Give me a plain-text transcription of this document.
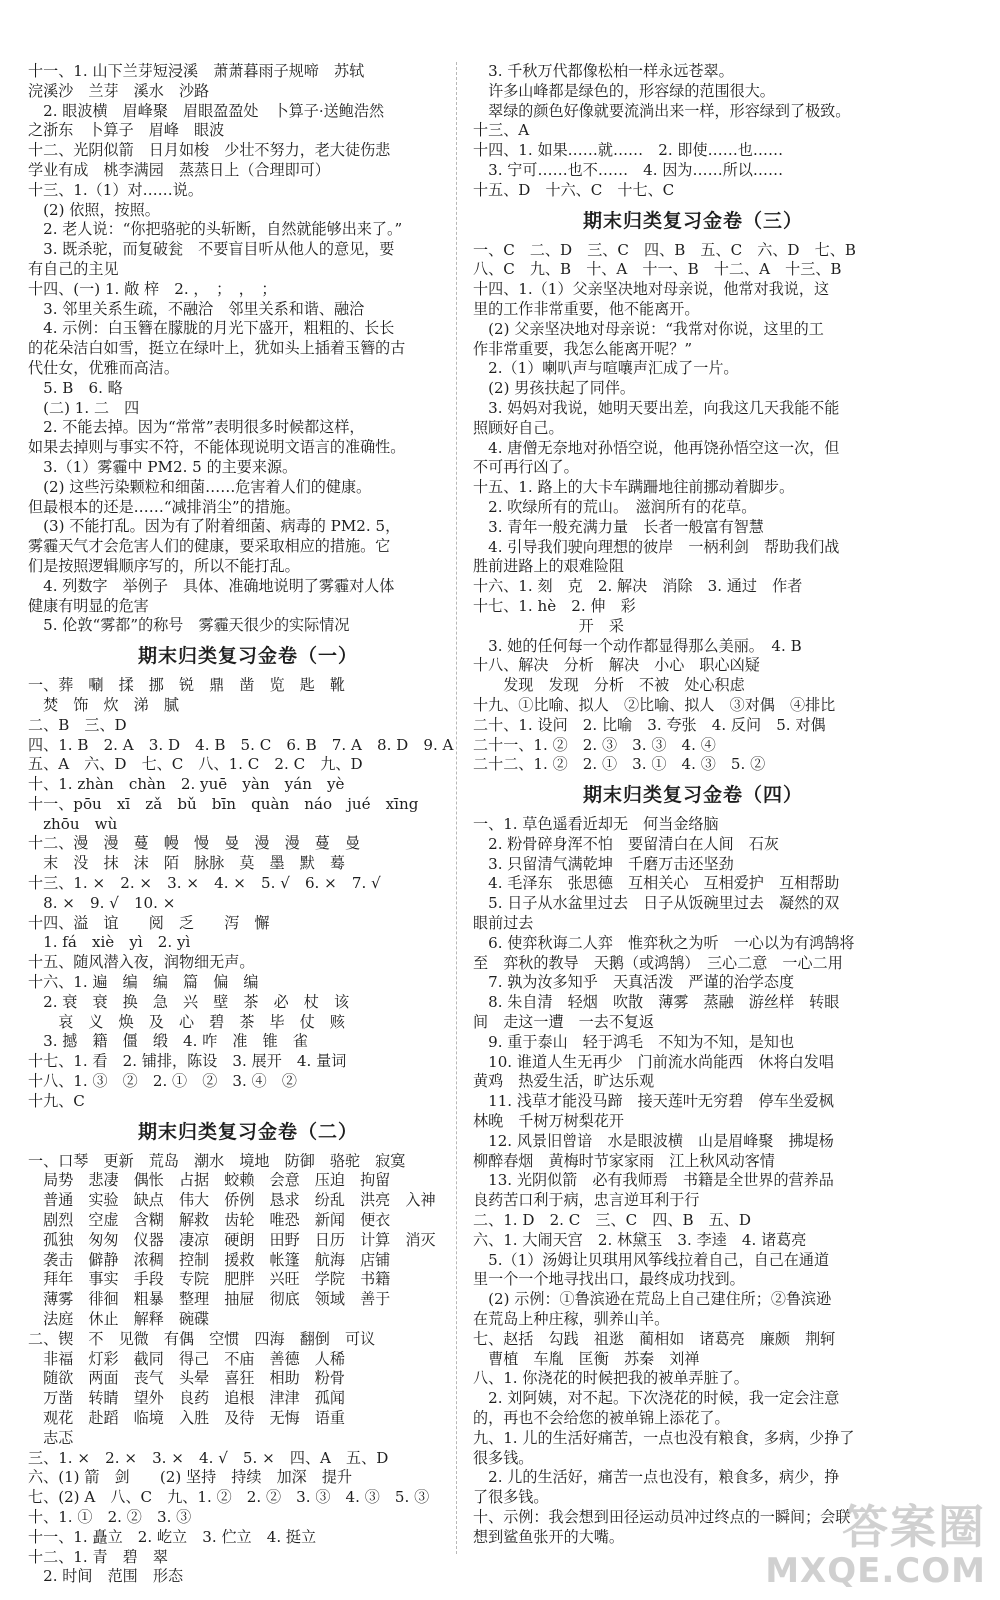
十一、1. 山下兰芽短浸溪　萧萧暮雨子规啼　苏轼
浣溪沙　兰芽　溪水　沙路
　2. 眼波横　眉峰聚　眉眼盈盈处　卜算子·送鲍浩然
之浙东　卜算子　眉峰　眼波
十二、光阴似箭　日月如梭　少壮不努力，老大徒伤悲
学业有成　桃李满园　蒸蒸日上（合理即可）
十三、1.（1）对……说。
　(2) 依照，按照。
　2. 老人说：“你把骆驼的头斩断，自然就能够出来了。”
　3. 既杀驼，而复破瓮　不要盲目听从他人的意见，要
有自己的主见
十四、(一) 1. 敞 梓　2. ，　；　，　；
　3. 邻里关系生疏，不融洽　邻里关系和谐、融洽
　4. 示例：白玉簪在朦胧的月光下盛开，粗粗的、长长
的花朵洁白如雪，挺立在绿叶上，犹如头上插着玉簪的古
代仕女，优雅而高洁。
　5. B　6. 略
　(二) 1. 二　四
　2. 不能去掉。因为“常常”表明很多时候都这样，
如果去掉则与事实不符，不能体现说明文语言的准确性。
　3.（1）雾霾中 PM2. 5 的主要来源。
　(2) 这些污染颗粒和细菌……危害着人们的健康。
但最根本的还是……“减排消尘”的措施。
　(3) 不能打乱。因为有了附着细菌、病毒的 PM2. 5，
雾霾天气才会危害人们的健康，要采取相应的措施。它
们是按照逻辑顺序写的，所以不能打乱。
　4. 列数字　举例子　具体、准确地说明了雾霾对人体
健康有明显的危害
　5. 伦敦“雾都”的称号　雾霾天很少的实际情况
期末归类复习金卷（一）
一、葬　唰　揉　挪　锐　鼎　凿　览　匙　靴
　焚　饰　炊　涕　腻
二、B　三、D
四、1. B　2. A　3. D　4. B　5. C　6. B　7. A　8. D　9. A
五、A　六、D　七、C　八、1. C　2. C　九、D
十、1. zhàn　chàn　2. yuē　yàn　yán　yè
十一、pōu　xī　zǎ　bǔ　bīn　quàn　náo　jué　xīng
　zhōu　wù
十二、漫　漫　蔓　幔　慢　曼　漫　漫　蔓　曼
　末　没　抹　沫　陌　脉脉　莫　墨　默　蓦
十三、1. ×　2. ×　3. ×　4. ×　5. √　6. ×　7. √
　8. ×　9. √　10. ×
十四、溢　谊　　阅　乏　　泻　懈
　1. fá　xiè　yì　2. yì
十五、随风潜入夜，润物细无声。
十六、1. 遍　编　编　篇　偏　编
　2. 衰　衰　换　急　兴　壁　茶　必　杖　该
　　哀　义　焕　及　心　碧　茶　毕　仗　赅
　3. 撼　籍　僵　缎　4. 咋　准　锥　雀
十七、1. 看　2. 铺排，陈设　3. 展开　4. 量词
十八、1. ③　②　2. ①　②　3. ④　②
十九、C
期末归类复习金卷（二）
一、口琴　更新　荒岛　潮水　境地　防御　骆驼　寂寞
　局势　悲凄　偶怅　占据　蛟赖　会意　压迫　拘留
　普通　实验　缺点　伟大　侨例　恳求　纷乱　洪亮　入神
　剧烈　空虚　含糊　解救　齿轮　唯恐　新闻　便衣
　孤独　匆匆　仪器　凄凉　硬朗　田野　日历　计算　消灭
　袭击　僻静　浓稠　控制　援救　帐篷　航海　店铺
　拜年　事实　手段　专院　肥胖　兴旺　学院　书籍
　薄雾　徘徊　粗暴　整理　抽屉　彻底　领域　善于
　法庭　休止　解释　碗碟
二、锲　不　见微　有偶　空惯　四海　翻倒　可议
　非福　灯彩　截同　得己　不庙　善德　人稀
　随欲　两面　丧气　头晕　喜狂　相助　粉骨
　万凿　转睛　望外　良药　追根　津津　孤闻
　观花　赴蹈　临境　入胜　及待　无悔　语重
　志忑
三、1. ×　2. ×　3. ×　4. √　5. ×　四、A　五、D
六、(1) 箭　剑　　(2) 坚持　持续　加深　提升
七、(2) A　八、C　九、1. ②　2. ②　3. ③　4. ③　5. ③
十、1. ①　2. ②　3. ③
十一、1. 矗立　2. 屹立　3. 伫立　4. 挺立
十二、1. 青　碧　翠
　2. 时间　范围　形态
　3. 千秋万代都像松柏一样永远苍翠。
　许多山峰都是绿色的，形容绿的范围很大。
　翠绿的颜色好像就要流淌出来一样，形容绿到了极致。
十三、A
十四、1. 如果……就……　2. 即使……也……
　3. 宁可……也不……　4. 因为……所以……
十五、D　十六、C　十七、C
期末归类复习金卷（三）
一、C　二、D　三、C　四、B　五、C　六、D　七、B
八、C　九、B　十、A　十一、B　十二、A　十三、B
十四、1.（1）父亲坚决地对母亲说，他常对我说，这
里的工作非常重要，他不能离开。
　(2) 父亲坚决地对母亲说：“我常对你说，这里的工
作非常重要，我怎么能离开呢？”
　2.（1）喇叭声与喧嚷声汇成了一片。
　(2) 男孩扶起了同伴。
　3. 妈妈对我说，她明天要出差，向我这几天我能不能
照顾好自己。
　4. 唐僧无奈地对孙悟空说，他再饶孙悟空这一次，但
不可再行凶了。
十五、1. 路上的大卡车蹒跚地往前挪动着脚步。
　2. 吹绿所有的荒山。　滋润所有的花草。
　3. 青年一般充满力量　长者一般富有智慧
　4. 引导我们驶向理想的彼岸　一柄利剑　帮助我们战
胜前进路上的艰难险阻
十六、1. 刻　克　2. 解决　消除　3. 通过　作者
十七、1. hè　2. 伸　彩
　　　　　　　开　采
　3. 她的任何每一个动作都显得那么美丽。　4. B
十八、解决　分析　解决　小心　职心凶疑
　　发现　发现　分析　不被　处心积虑
十九、①比喻、拟人　②比喻、拟人　③对偶　④排比
二十、1. 设问　2. 比喻　3. 夸张　4. 反问　5. 对偶
二十一、1. ②　2. ③　3. ③　4. ④
二十二、1. ②　2. ①　3. ①　4. ③　5. ②
期末归类复习金卷（四）
一、1. 草色遥看近却无　何当金络脑
　2. 粉骨碎身浑不怕　要留清白在人间　石灰
　3. 只留清气满乾坤　千磨万击还坚劲
　4. 毛泽东　张思德　互相关心　互相爱护　互相帮助
　5. 日子从水盆里过去　日子从饭碗里过去　凝然的双
眼前过去
　6. 使弈秋诲二人弈　惟弈秋之为听　一心以为有鸿鹄将
至　弈秋的教导　天鹅（或鸿鹄）　三心二意　一心二用
　7. 孰为汝多知乎　天真活泼　严谨的治学态度
　8. 朱自清　轻烟　吹散　薄雾　蒸融　游丝样　转眼
间　走这一遭　一去不复返
　9. 重于泰山　轻于鸿毛　不知为不知，是知也
　10. 谁道人生无再少　门前流水尚能西　休将白发唱
黄鸡　热爱生活，旷达乐观
　11. 浅草才能没马蹄　接天莲叶无穷碧　停车坐爱枫
林晚　千树万树梨花开
　12. 风景旧曾谙　水是眼波横　山是眉峰聚　拂堤杨
柳醉春烟　黄梅时节家家雨　江上秋风动客情
　13. 光阴似箭　必有我师焉　书籍是全世界的营养品
良药苦口利于病，忠言逆耳利于行
二、1. D　2. C　三、C　四、B　五、D
六、1. 大闹天宫　2. 林黛玉　3. 李逵　4. 诸葛亮
　5.（1）汤姆让贝琪用风筝线拉着自己，自己在通道
里一个一个地寻找出口，最终成功找到。
　(2) 示例：①鲁滨逊在荒岛上自己建住所；②鲁滨逊
在荒岛上种庄稼，驯养山羊。
七、赵括　勾践　祖逖　蔺相如　诸葛亮　廉颇　荆轲
　曹植　车胤　匡衡　苏秦　刘禅
八、1. 你浇花的时候把我的被单弄脏了。
　2. 刘阿姨，对不起。下次浇花的时候，我一定会注意
的，再也不会给您的被单锦上添花了。
九、1. 儿的生活好痛苦，一点也没有粮食，多病，少挣了
很多钱。
　2. 儿的生活好，痛苦一点也没有，粮食多，病少，挣
了很多钱。
十、示例：我会想到田径运动员冲过终点的一瞬间；会联
想到鲨鱼张开的大嘴。	答案圈
MXQE.COM
